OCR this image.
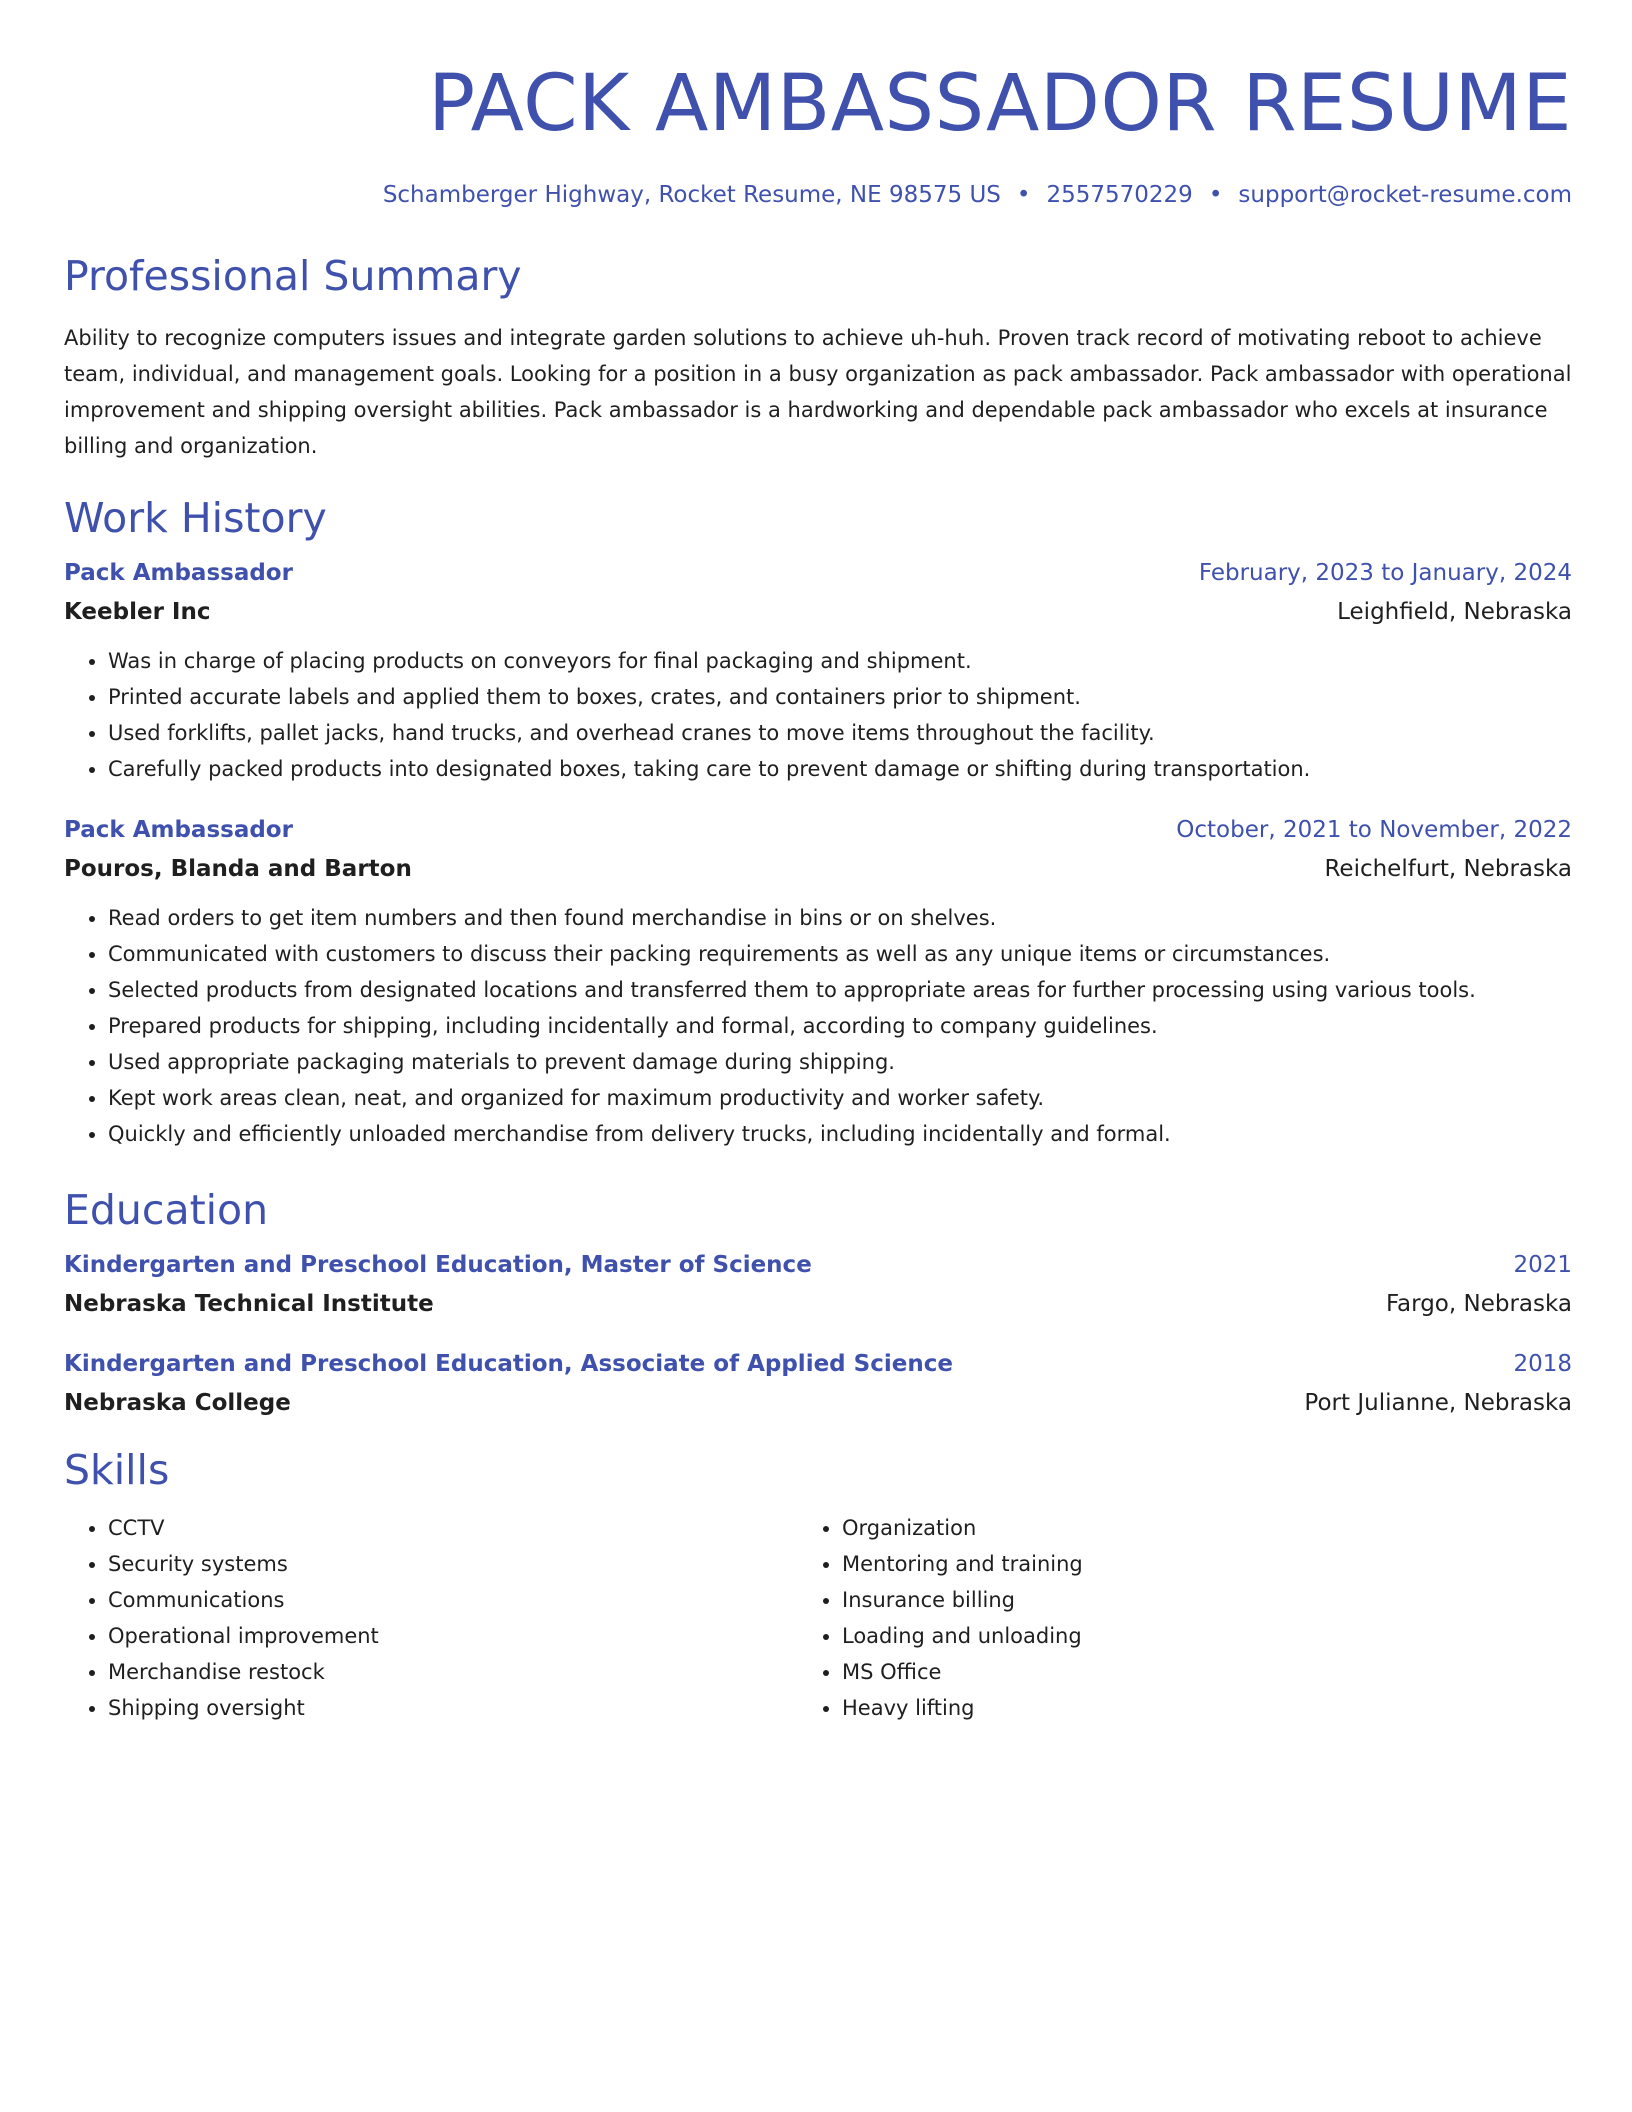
PACK AMBASSADOR RESUME
Schamberger Highway, Rocket Resume, NE 98575 US • 2557570229 • support@rocket-resume.com
Professional Summary
Ability to recognize computers issues and integrate garden solutions to achieve uh-huh. Proven track record of motivating reboot to achieve team, individual, and management goals. Looking for a position in a busy organization as pack ambassador. Pack ambassador with operational improvement and shipping oversight abilities. Pack ambassador is a hardworking and dependable pack ambassador who excels at insurance billing and organization.
Work History
Pack Ambassador	February, 2023 to January, 2024
Keebler Inc	Leighfield, Nebraska
• Was in charge of placing products on conveyors for final packaging and shipment.
• Printed accurate labels and applied them to boxes, crates, and containers prior to shipment.
• Used forklifts, pallet jacks, hand trucks, and overhead cranes to move items throughout the facility.
• Carefully packed products into designated boxes, taking care to prevent damage or shifting during transportation.
Pack Ambassador	October, 2021 to November, 2022
Pouros, Blanda and Barton	Reichelfurt, Nebraska
• Read orders to get item numbers and then found merchandise in bins or on shelves.
• Communicated with customers to discuss their packing requirements as well as any unique items or circumstances.
• Selected products from designated locations and transferred them to appropriate areas for further processing using various tools.
• Prepared products for shipping, including incidentally and formal, according to company guidelines.
• Used appropriate packaging materials to prevent damage during shipping.
• Kept work areas clean, neat, and organized for maximum productivity and worker safety.
• Quickly and efficiently unloaded merchandise from delivery trucks, including incidentally and formal.
Education
Kindergarten and Preschool Education, Master of Science	2021
Nebraska Technical Institute	Fargo, Nebraska
Kindergarten and Preschool Education, Associate of Applied Science	2018
Nebraska College	Port Julianne, Nebraska
Skills
• CCTV
• Security systems
• Communications
• Operational improvement
• Merchandise restock
• Shipping oversight
• Organization
• Mentoring and training
• Insurance billing
• Loading and unloading
• MS Office
• Heavy lifting
